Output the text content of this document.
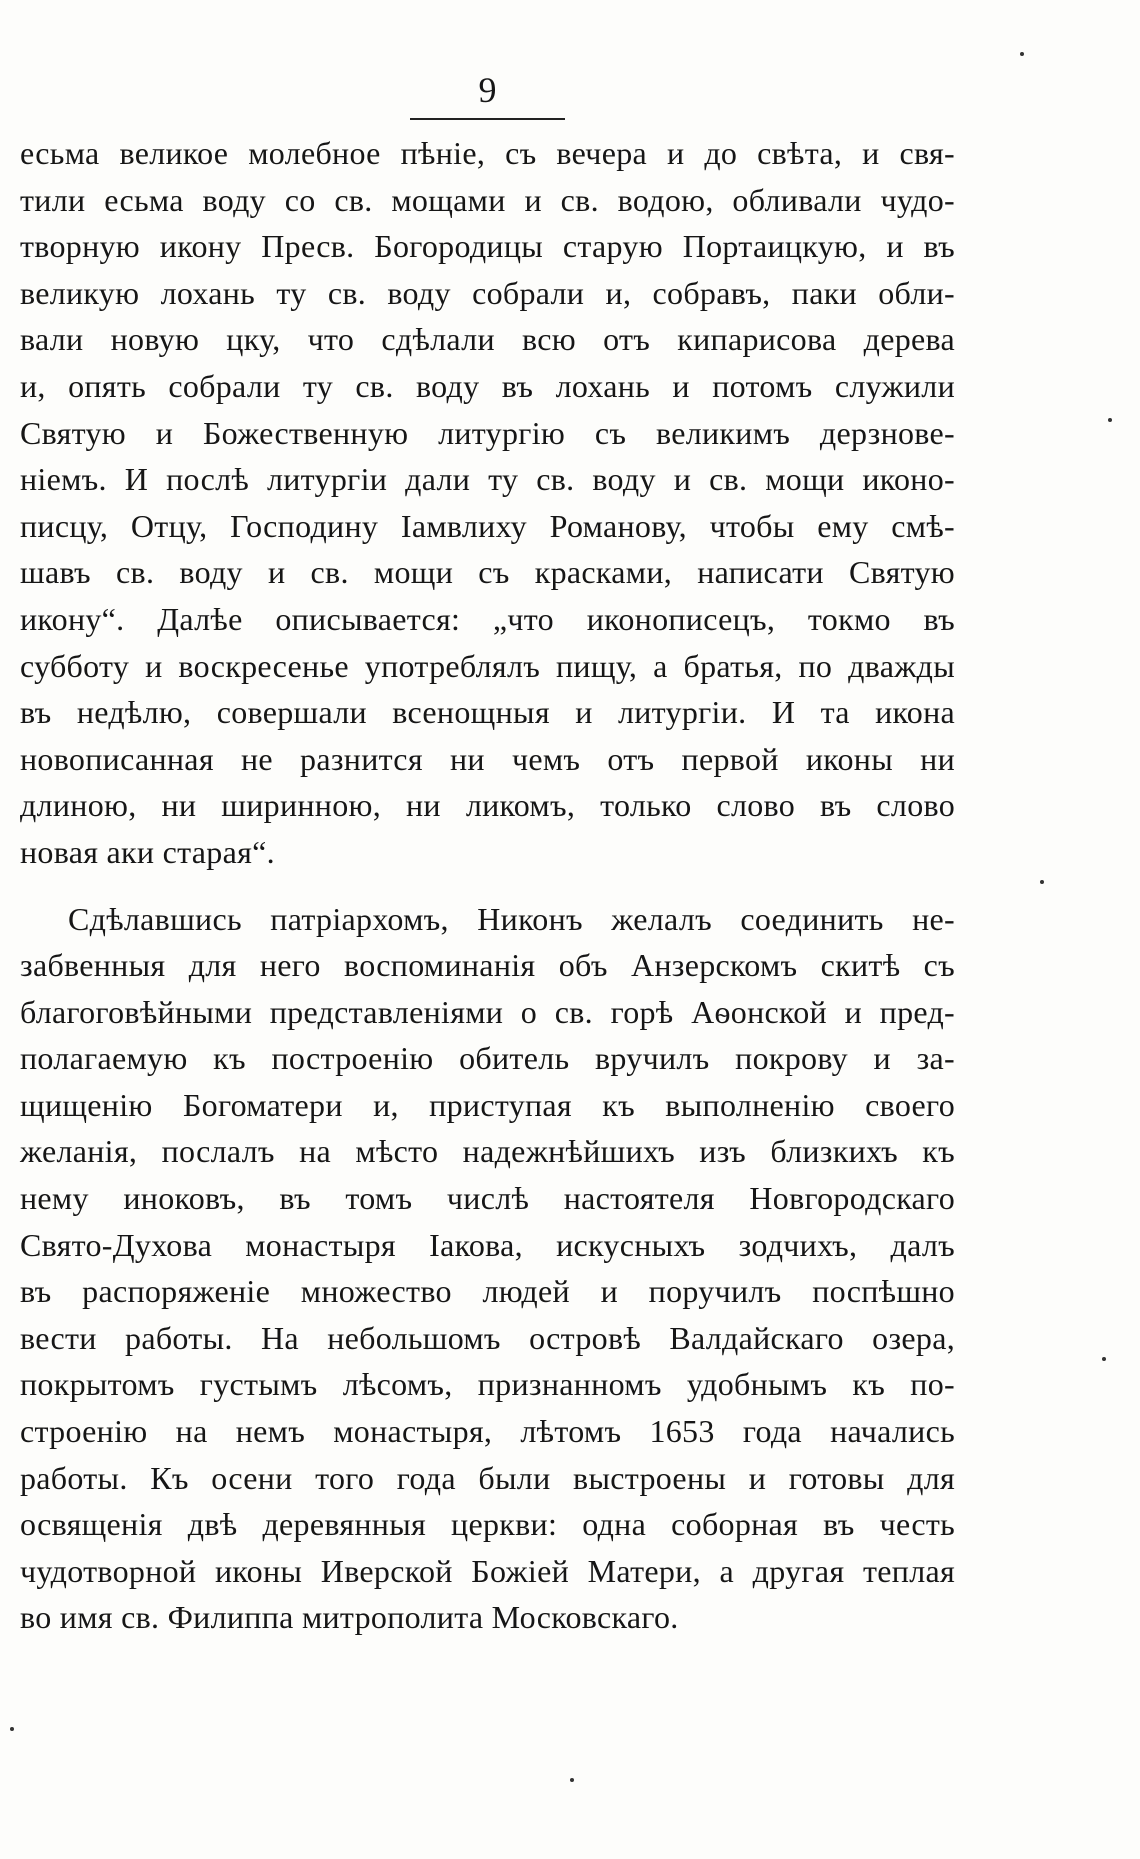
9
есьма великое молебное пѣніе, съ вечера и до свѣта, и свя-
тили есьма воду со св. мощами и св. водою, обливали чудо-
творную икону Пресв. Богородицы старую Портаицкую, и въ
великую лохань ту св. воду собрали и, собравъ, паки обли-
вали новую цку, что сдѣлали всю отъ кипарисова дерева
и, опять собрали ту св. воду въ лохань и потомъ служили
Святую и Божественную литургію съ великимъ дерзнове-
ніемъ. И послѣ литургіи дали ту св. воду и св. мощи иконо-
писцу, Отцу, Господину Іамвлиху Романову, чтобы ему смѣ-
шавъ св. воду и св. мощи съ красками, написати Святую
икону“. Далѣе описывается: „что иконописецъ, токмо въ
субботу и воскресенье употреблялъ пищу, а братья, по дважды
въ недѣлю, совершали всенощныя и литургіи. И та икона
новописанная не разнится ни чемъ отъ первой иконы ни
длиною, ни ширинною, ни ликомъ, только слово въ слово
новая аки старая“.
Сдѣлавшись патріархомъ, Никонъ желалъ соединить не-
забвенныя для него воспоминанія объ Анзерскомъ скитѣ съ
благоговѣйными представленіями о св. горѣ Аѳонской и пред-
полагаемую къ построенію обитель вручилъ покрову и за-
щищенію Богоматери и, приступая къ выполненію своего
желанія, послалъ на мѣсто надежнѣйшихъ изъ близкихъ къ
нему иноковъ, въ томъ числѣ настоятеля Новгородскаго
Свято-Духова монастыря Іакова, искусныхъ зодчихъ, далъ
въ распоряженіе множество людей и поручилъ поспѣшно
вести работы. На небольшомъ островѣ Валдайскаго озера,
покрытомъ густымъ лѣсомъ, признанномъ удобнымъ къ по-
строенію на немъ монастыря, лѣтомъ 1653 года начались
работы. Къ осени того года были выстроены и готовы для
освященія двѣ деревянныя церкви: одна соборная въ честь
чудотворной иконы Иверской Божіей Матери, а другая теплая
во имя св. Филиппа митрополита Московскаго.
